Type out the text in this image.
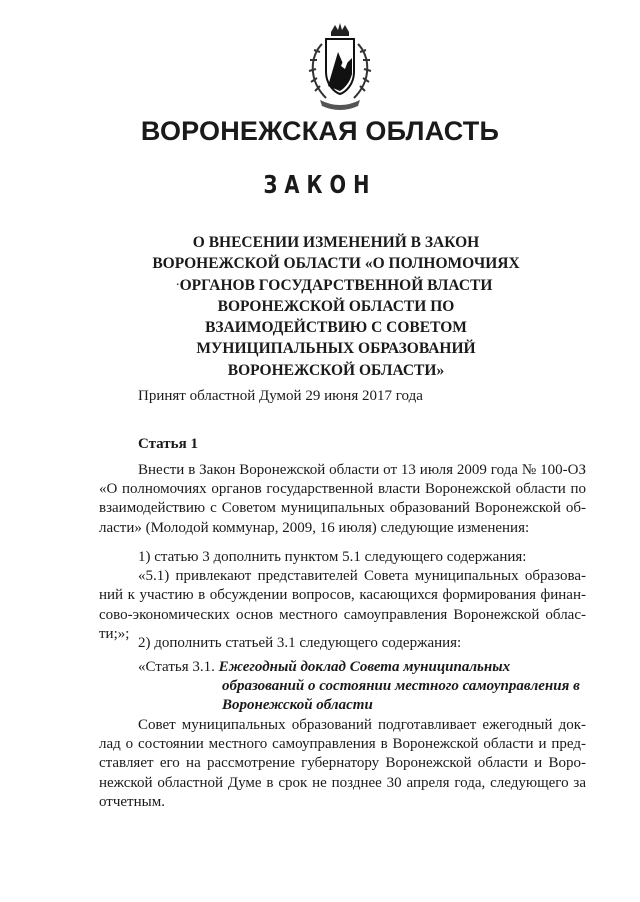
ВОРОНЕЖСКАЯ ОБЛАСТЬ
ЗАКОН
О ВНЕСЕНИИ ИЗМЕНЕНИЙ В ЗАКОН
ВОРОНЕЖСКОЙ ОБЛАСТИ «О ПОЛНОМОЧИЯХ
ОРГАНОВ ГОСУДАРСТВЕННОЙ ВЛАСТИ
ВОРОНЕЖСКОЙ ОБЛАСТИ ПО
ВЗАИМОДЕЙСТВИЮ С СОВЕТОМ
МУНИЦИПАЛЬНЫХ ОБРАЗОВАНИЙ
ВОРОНЕЖСКОЙ ОБЛАСТИ»
.
Принят областной Думой 29 июня 2017 года
Статья 1
Внести в Закон Воронежской области от 13 июля 2009 года № 100-ОЗ
«О полномочиях органов государственной власти Воронежской области по
взаимодействию с Советом муниципальных образований Воронежской об-
ласти» (Молодой коммунар, 2009, 16 июля) следующие изменения:
1) статью 3 дополнить пунктом 5.1 следующего содержания:
«5.1) привлекают представителей Совета муниципальных образова-
ний к участию в обсуждении вопросов, касающихся формирования финан-
сово-экономических основ местного самоуправления Воронежской облас-
ти;»;
2) дополнить статьей 3.1 следующего содержания:
«Статья 3.1. Ежегодный доклад Совета муниципальных
образований о состоянии местного самоуправления в
Воронежской области
Совет муниципальных образований подготавливает ежегодный док-
лад о состоянии местного самоуправления в Воронежской области и пред-
ставляет его на рассмотрение губернатору Воронежской области и Воро-
нежской областной Думе в срок не позднее 30 апреля года, следующего за
отчетным.
